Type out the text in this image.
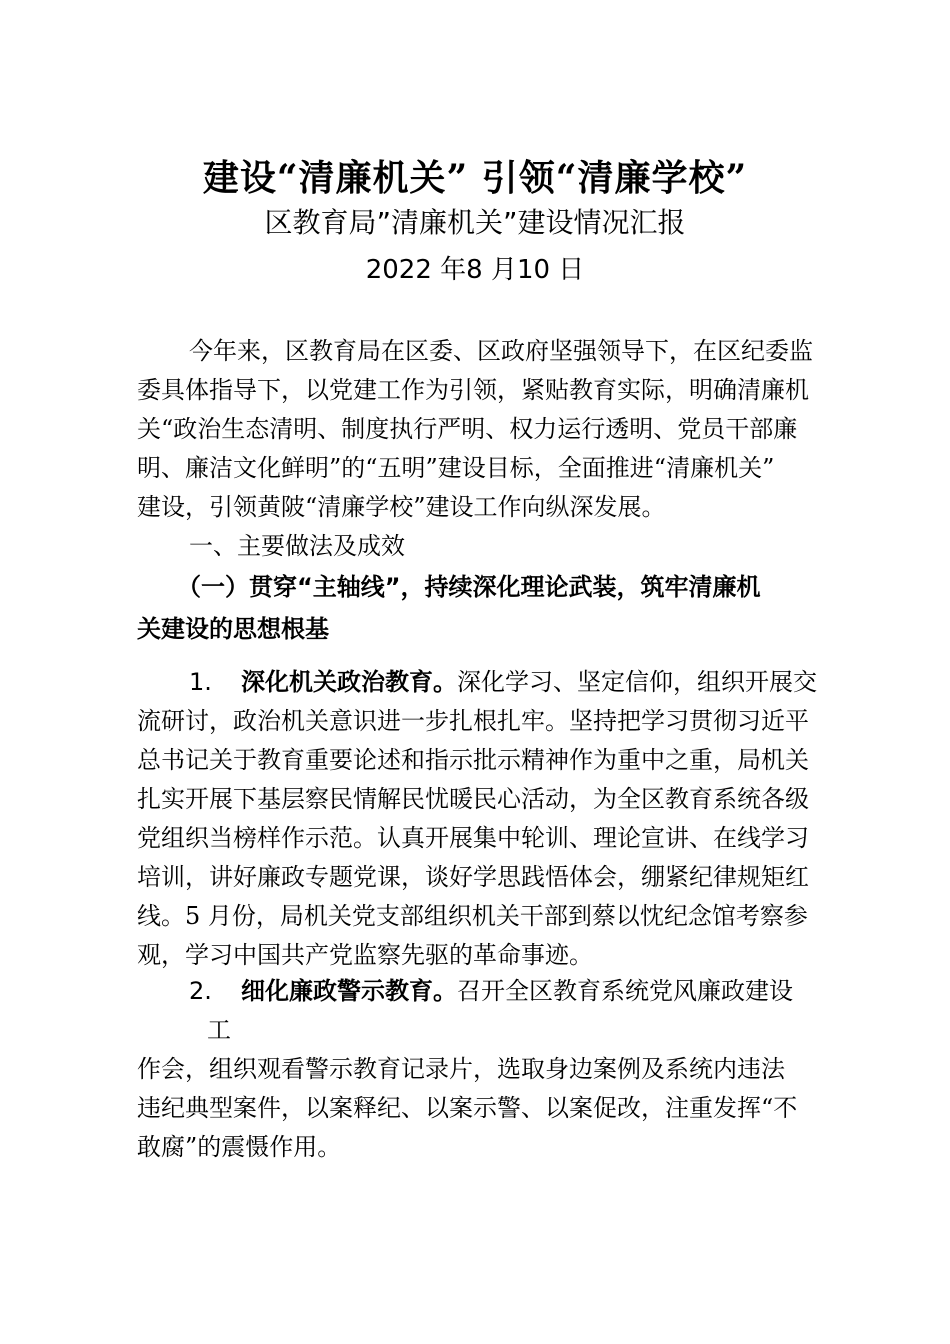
建设“清廉机关” 引领“清廉学校”
区教育局”清廉机关”建设情况汇报
2022 年8 月10 日
今年来，区教育局在区委、区政府坚强领导下，在区纪委监
委具体指导下，以党建工作为引领，紧贴教育实际，明确清廉机
关“政治生态清明、制度执行严明、权力运行透明、党员干部廉
明、廉洁文化鲜明”的“五明”建设目标，全面推进“清廉机关”
建设，引领黄陂“清廉学校”建设工作向纵深发展。
一、主要做法及成效
（一）贯穿“主轴线”，持续深化理论武装，筑牢清廉机
关建设的思想根基
1. 深化机关政治教育。深化学习、坚定信仰，组织开展交
流研讨，政治机关意识进一步扎根扎牢。坚持把学习贯彻习近平
总书记关于教育重要论述和指示批示精神作为重中之重，局机关
扎实开展下基层察民情解民忧暖民心活动，为全区教育系统各级
党组织当榜样作示范。认真开展集中轮训、理论宣讲、在线学习
培训，讲好廉政专题党课，谈好学思践悟体会，绷紧纪律规矩红
线。5 月份，局机关党支部组织机关干部到蔡以忱纪念馆考察参
观，学习中国共产党监察先驱的革命事迹。
2. 细化廉政警示教育。召开全区教育系统党风廉政建设
工
作会，组织观看警示教育记录片，选取身边案例及系统内违法
违纪典型案件，以案释纪、以案示警、以案促改，注重发挥“不
敢腐”的震慑作用。
